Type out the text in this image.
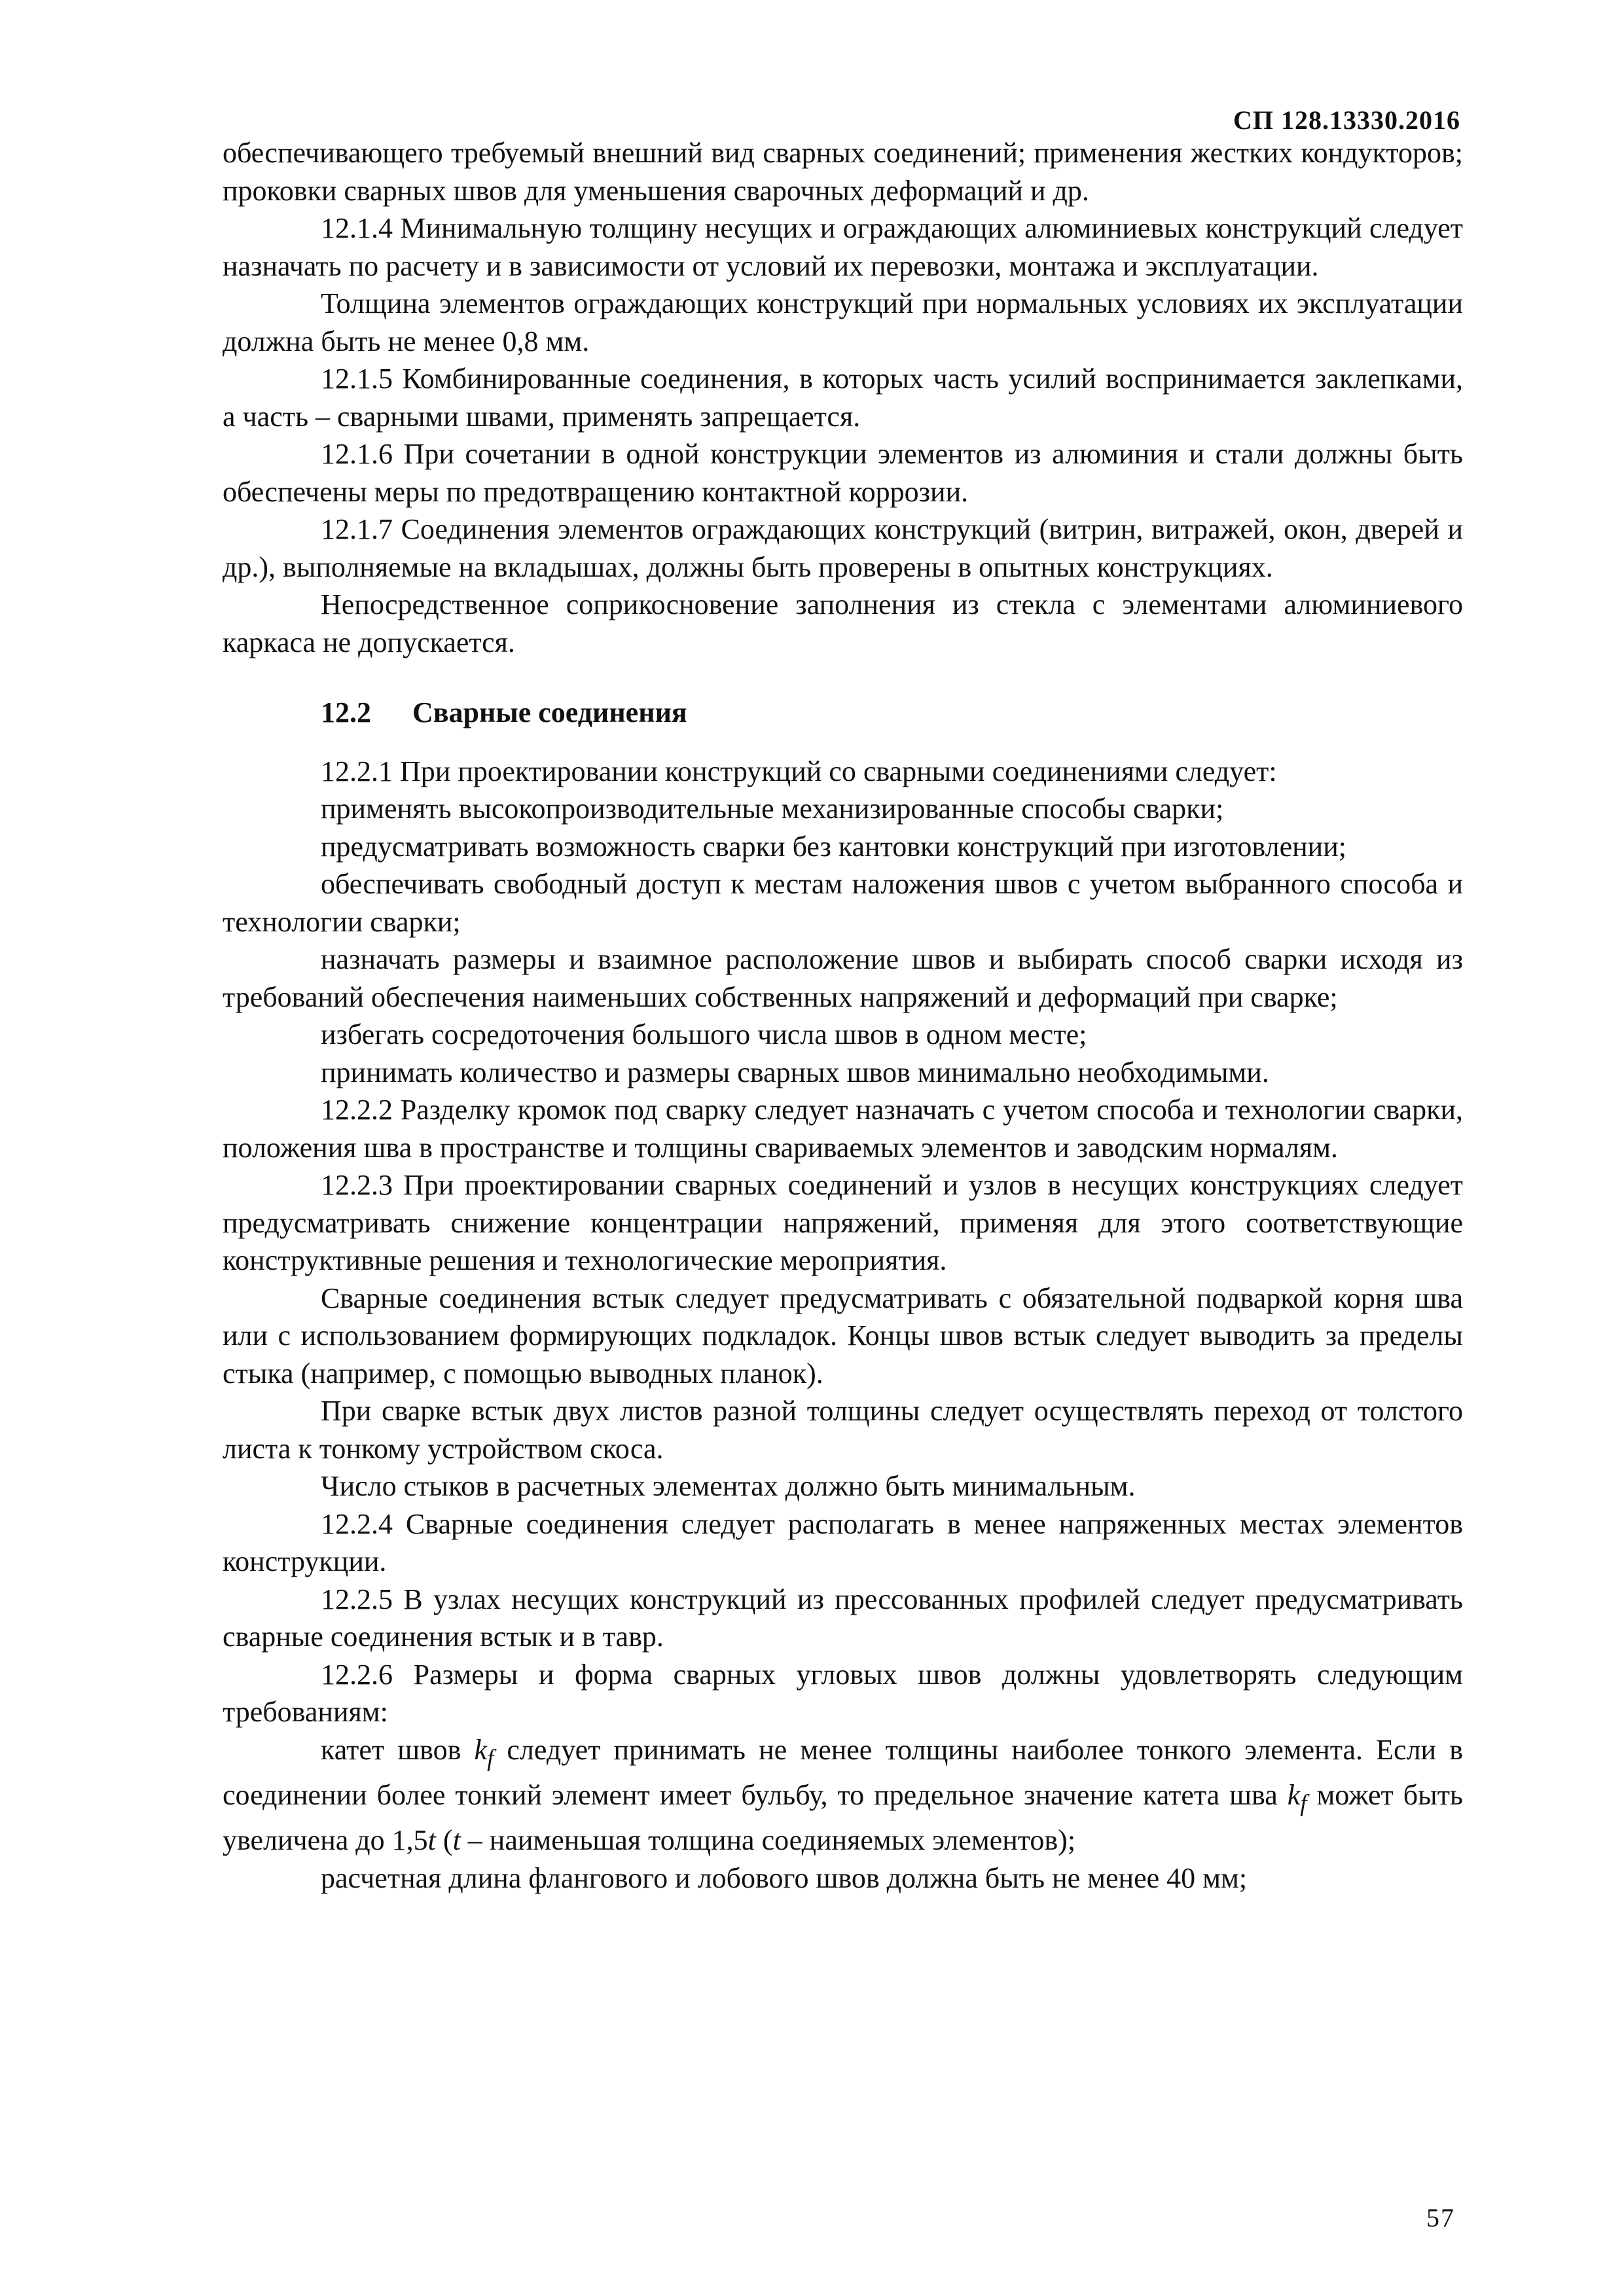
СП 128.13330.2016

обеспечивающего требуемый внешний вид сварных соединений; применения жестких кондукторов; проковки сварных швов для уменьшения сварочных деформаций и др.

12.1.4 Минимальную толщину несущих и ограждающих алюминиевых конструкций следует назначать по расчету и в зависимости от условий их перевозки, монтажа и эксплуатации.

Толщина элементов ограждающих конструкций при нормальных условиях их эксплуатации должна быть не менее 0,8 мм.

12.1.5 Комбинированные соединения, в которых часть усилий воспринимается заклепками, а часть – сварными швами, применять запрещается.

12.1.6 При сочетании в одной конструкции элементов из алюминия и стали должны быть обеспечены меры по предотвращению контактной коррозии.

12.1.7 Соединения элементов ограждающих конструкций (витрин, витражей, окон, дверей и др.), выполняемые на вкладышах, должны быть проверены в опытных конструкциях.

Непосредственное соприкосновение заполнения из стекла с элементами алюминиевого каркаса не допускается.

12.2 Сварные соединения

12.2.1 При проектировании конструкций со сварными соединениями следует:

применять высокопроизводительные механизированные способы сварки;

предусматривать возможность сварки без кантовки конструкций при изготовлении;

обеспечивать свободный доступ к местам наложения швов с учетом выбранного способа и технологии сварки;

назначать размеры и взаимное расположение швов и выбирать способ сварки исходя из требований обеспечения наименьших собственных напряжений и деформаций при сварке;

избегать сосредоточения большого числа швов в одном месте;

принимать количество и размеры сварных швов минимально необходимыми.

12.2.2 Разделку кромок под сварку следует назначать с учетом способа и технологии сварки, положения шва в пространстве и толщины свариваемых элементов и заводским нормалям.

12.2.3 При проектировании сварных соединений и узлов в несущих конструкциях следует предусматривать снижение концентрации напряжений, применяя для этого соответствующие конструктивные решения и технологические мероприятия.

Сварные соединения встык следует предусматривать с обязательной подваркой корня шва или с использованием формирующих подкладок. Концы швов встык следует выводить за пределы стыка (например, с помощью выводных планок).

При сварке встык двух листов разной толщины следует осуществлять переход от толстого листа к тонкому устройством скоса.

Число стыков в расчетных элементах должно быть минимальным.

12.2.4 Сварные соединения следует располагать в менее напряженных местах элементов конструкции.

12.2.5 В узлах несущих конструкций из прессованных профилей следует предусматривать сварные соединения встык и в тавр.

12.2.6 Размеры и форма сварных угловых швов должны удовлетворять следующим требованиям:

катет швов $k_f$ следует принимать не менее толщины наиболее тонкого элемента. Если в соединении более тонкий элемент имеет бульбу, то предельное значение катета шва $k_f$ может быть увеличена до 1,5t (t – наименьшая толщина соединяемых элементов);

расчетная длина флангового и лобового швов должна быть не менее 40 мм;

57
